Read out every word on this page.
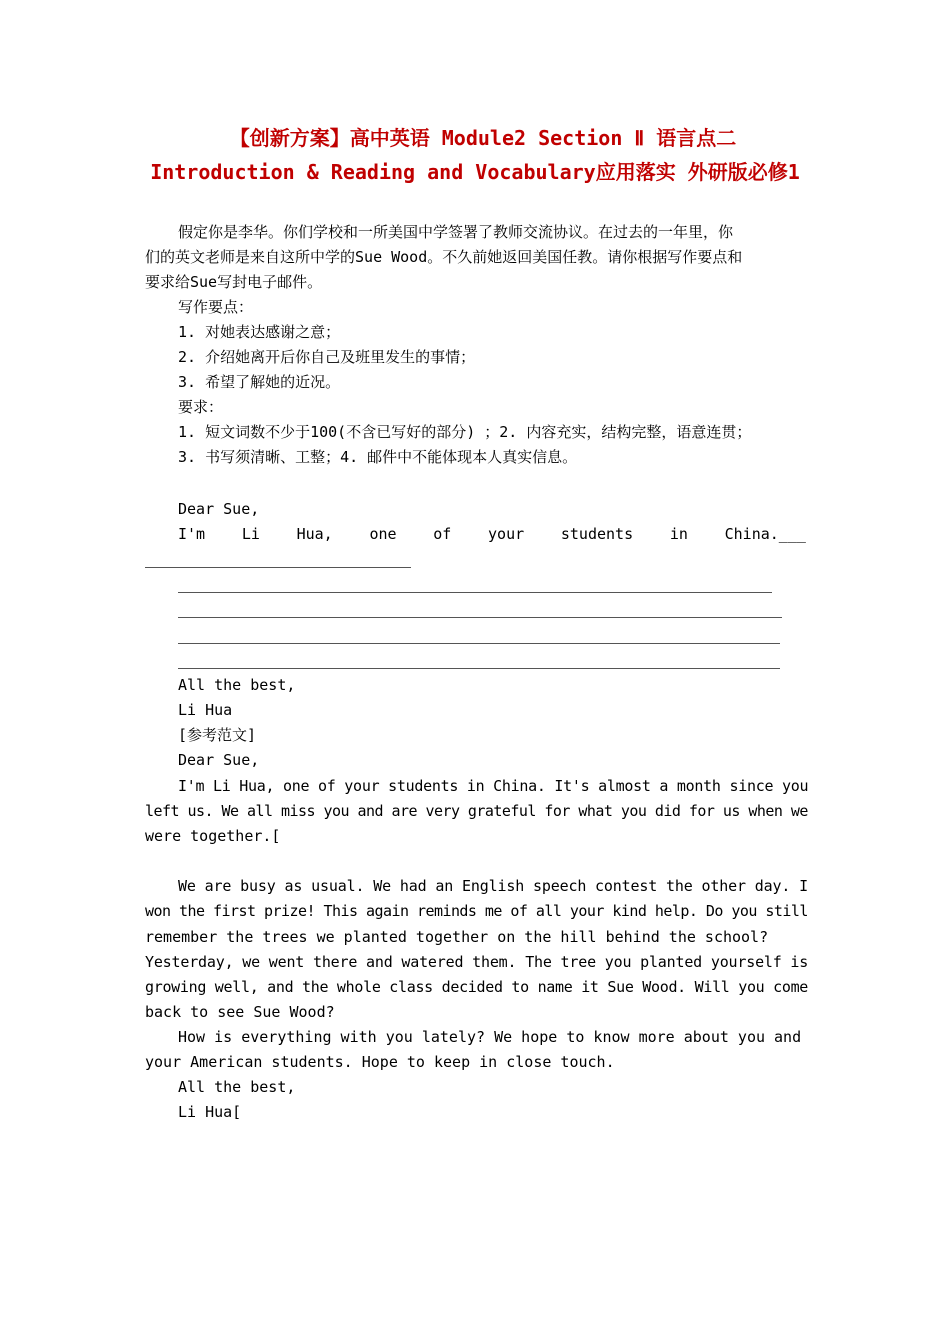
【创新方案】高中英语 Module2 Section Ⅱ 语言点二
Introduction & Reading and Vocabulary应用落实 外研版必修1
假定你是李华。你们学校和一所美国中学签署了教师交流协议。在过去的一年里，你
们的英文老师是来自这所中学的Sue Wood。不久前她返回美国任教。请你根据写作要点和
要求给Sue写封电子邮件。
写作要点：
1. 对她表达感谢之意；
2. 介绍她离开后你自己及班里发生的事情；
3. 希望了解她的近况。
要求：
1. 短文词数不少于100(不含已写好的部分) ；2. 内容充实，结构完整，语意连贯；
3. 书写须清晰、工整；4. 邮件中不能体现本人真实信息。
Dear Sue,
I'm Li Hua, one of your students in China.___
All the best,
Li Hua
[参考范文]
Dear Sue,
I'm Li Hua, one of your students in China. It's almost a month since you
left us. We all miss you and are very grateful for what you did for us when we
were together.[
We are busy as usual. We had an English speech contest the other day. I
won the first prize! This again reminds me of all your kind help. Do you still
remember the trees we planted together on the hill behind the school?
Yesterday, we went there and watered them. The tree you planted yourself is
growing well, and the whole class decided to name it Sue Wood. Will you come
back to see Sue Wood?
How is everything with you lately? We hope to know more about you and
your American students. Hope to keep in close touch.
All the best,
Li Hua[
